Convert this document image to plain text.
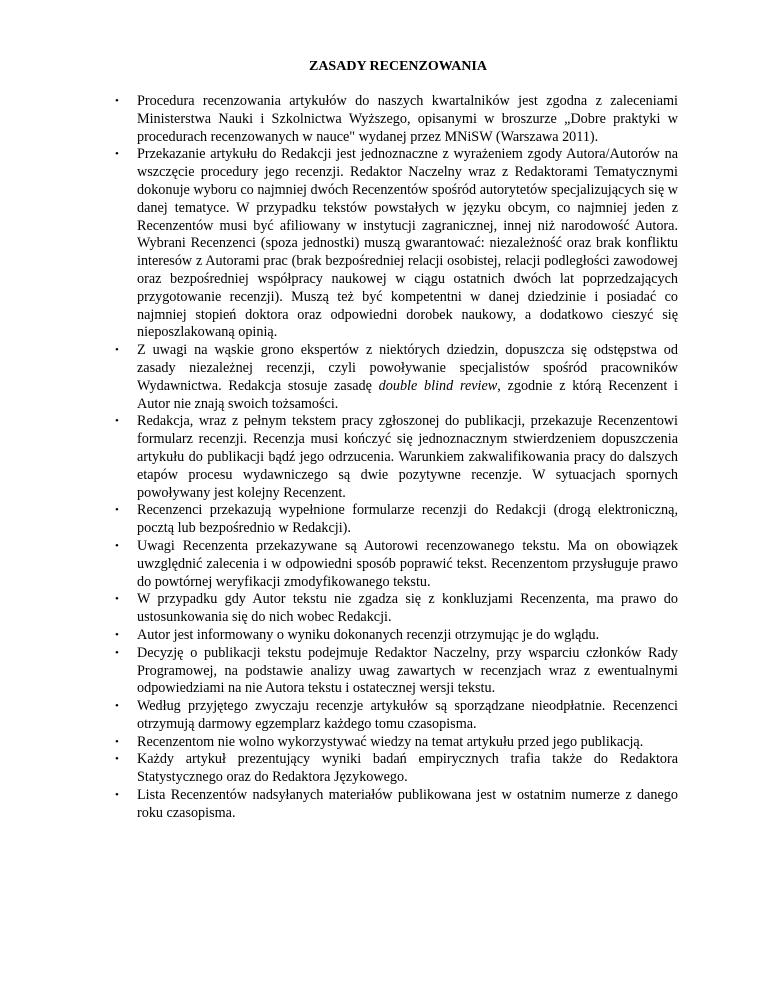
ZASADY RECENZOWANIA
• Procedura recenzowania artykułów do naszych kwartalników jest zgodna z zaleceniami Ministerstwa Nauki i Szkolnictwa Wyższego, opisanymi w broszurze „Dobre praktyki w procedurach recenzowanych w nauce" wydanej przez MNiSW (Warszawa 2011).
• Przekazanie artykułu do Redakcji jest jednoznaczne z wyrażeniem zgody Autora/Autorów na wszczęcie procedury jego recenzji. Redaktor Naczelny wraz z Redaktorami Tematycznymi dokonuje wyboru co najmniej dwóch Recenzentów spośród autorytetów specjalizujących się w danej tematyce. W przypadku tekstów powstałych w języku obcym, co najmniej jeden z Recenzentów musi być afiliowany w instytucji zagranicznej, innej niż narodowość Autora. Wybrani Recenzenci (spoza jednostki) muszą gwarantować: niezależność oraz brak konfliktu interesów z Autorami prac (brak bezpośredniej relacji osobistej, relacji podległości zawodowej oraz bezpośredniej współpracy naukowej w ciągu ostatnich dwóch lat poprzedzających przygotowanie recenzji). Muszą też być kompetentni w danej dziedzinie i posiadać co najmniej stopień doktora oraz odpowiedni dorobek naukowy, a dodatkowo cieszyć się nieposzlakowaną opinią.
• Z uwagi na wąskie grono ekspertów z niektórych dziedzin, dopuszcza się odstępstwa od zasady niezależnej recenzji, czyli powoływanie specjalistów spośród pracowników Wydawnictwa. Redakcja stosuje zasadę double blind review, zgodnie z którą Recenzent i Autor nie znają swoich tożsamości.
• Redakcja, wraz z pełnym tekstem pracy zgłoszonej do publikacji, przekazuje Recenzentowi formularz recenzji. Recenzja musi kończyć się jednoznacznym stwierdzeniem dopuszczenia artykułu do publikacji bądź jego odrzucenia. Warunkiem zakwalifikowania pracy do dalszych etapów procesu wydawniczego są dwie pozytywne recenzje. W sytuacjach spornych powoływany jest kolejny Recenzent.
• Recenzenci przekazują wypełnione formularze recenzji do Redakcji (drogą elektroniczną, pocztą lub bezpośrednio w Redakcji).
• Uwagi Recenzenta przekazywane są Autorowi recenzowanego tekstu. Ma on obowiązek uwzględnić zalecenia i w odpowiedni sposób poprawić tekst. Recenzentom przysługuje prawo do powtórnej weryfikacji zmodyfikowanego tekstu.
• W przypadku gdy Autor tekstu nie zgadza się z konkluzjami Recenzenta, ma prawo do ustosunkowania się do nich wobec Redakcji.
• Autor jest informowany o wyniku dokonanych recenzji otrzymując je do wglądu.
• Decyzję o publikacji tekstu podejmuje Redaktor Naczelny, przy wsparciu członków Rady Programowej, na podstawie analizy uwag zawartych w recenzjach wraz z ewentualnymi odpowiedziami na nie Autora tekstu i ostatecznej wersji tekstu.
• Według przyjętego zwyczaju recenzje artykułów są sporządzane nieodpłatnie. Recenzenci otrzymują darmowy egzemplarz każdego tomu czasopisma.
• Recenzentom nie wolno wykorzystywać wiedzy na temat artykułu przed jego publikacją.
• Każdy artykuł prezentujący wyniki badań empirycznych trafia także do Redaktora Statystycznego oraz do Redaktora Językowego.
• Lista Recenzentów nadsyłanych materiałów publikowana jest w ostatnim numerze z danego roku czasopisma.
